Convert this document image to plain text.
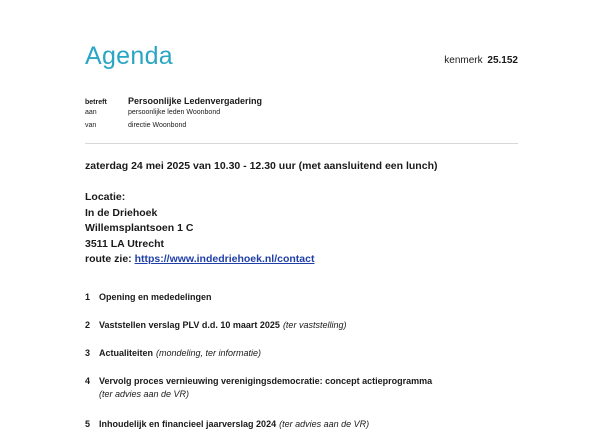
Agenda	kenmerk 25.152
betreft	Persoonlijke Ledenvergadering
aan	persoonlijke leden Woonbond
van	directie Woonbond

zaterdag 24 mei 2025 van 10.30 - 12.30 uur (met aansluitend een lunch)

Locatie:
In de Driehoek
Willemsplantsoen 1 C
3511 LA Utrecht
route zie: https://www.indedriehoek.nl/contact
1 Opening en mededelingen
2 Vaststellen verslag PLV d.d. 10 maart 2025 (ter vaststelling)
3 Actualiteiten (mondeling, ter informatie)
4 Vervolg proces vernieuwing verenigingsdemocratie: concept actieprogramma
(ter advies aan de VR)
5 Inhoudelijk en financieel jaarverslag 2024 (ter advies aan de VR)
